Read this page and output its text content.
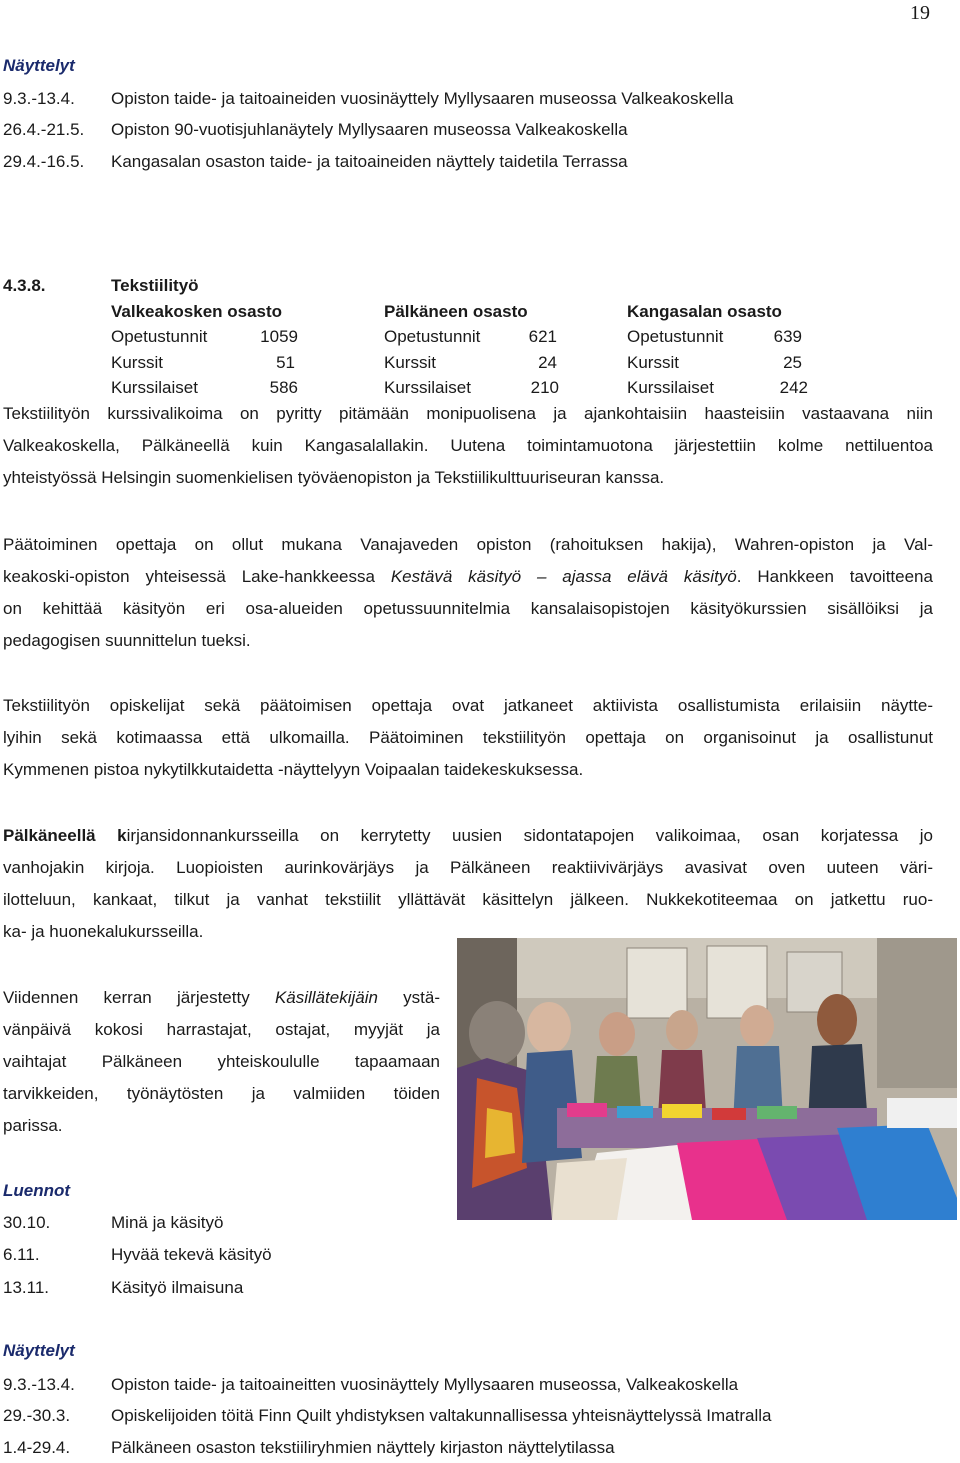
19
Näyttelyt
9.3.-13.4. Opiston taide- ja taitoaineiden vuosinäyttely Myllysaaren museossa Valkeakoskella
26.4.-21.5. Opiston 90-vuotisjuhlanäytely Myllysaaren museossa Valkeakoskella
29.4.-16.5. Kangasalan osaston taide- ja taitoaineiden näyttely taidetila Terrassa
4.3.8.	Tekstiilityö
Valkeakosken osasto	Pälkäneen osasto	Kangasalan osasto
Opetustunnit	1059	Opetustunnit	621	Opetustunnit	639
Kurssit	51	Kurssit	24	Kurssit	25
Kurssilaiset	586	Kurssilaiset	210	Kurssilaiset	242
Tekstiilityön kurssivalikoima on pyritty pitämään monipuolisena ja ajankohtaisiin haasteisiin vastaavana niin
Valkeakoskella, Pälkäneellä kuin Kangasalallakin. Uutena toimintamuotona järjestettiin kolme nettiluentoa
yhteistyössä Helsingin suomenkielisen työväenopiston ja Tekstiilikulttuuriseuran kanssa.
Päätoiminen opettaja on ollut mukana Vanajaveden opiston (rahoituksen hakija), Wahren-opiston ja Val-
keakoski-opiston yhteisessä Lake-hankkeessa Kestävä käsityö – ajassa elävä käsityö. Hankkeen tavoitteena
on kehittää käsityön eri osa-alueiden opetussuunnitelmia kansalaisopistojen käsityökurssien sisällöiksi ja
pedagogisen suunnittelun tueksi.
Tekstiilityön opiskelijat sekä päätoimisen opettaja ovat jatkaneet aktiivista osallistumista erilaisiin näytte-
lyihin sekä kotimaassa että ulkomailla. Päätoiminen tekstiilityön opettaja on organisoinut ja osallistunut
Kymmenen pistoa nykytilkkutaidetta -näyttelyyn Voipaalan taidekeskuksessa.
Pälkäneellä kirjansidonnankursseilla on kerrytetty uusien sidontatapojen valikoimaa, osan korjatessa jo
vanhojakin kirjoja. Luopioisten aurinkovärjäys ja Pälkäneen reaktiivivärjäys avasivat oven uuteen väri-
ilotteluun, kankaat, tilkut ja vanhat tekstiilit yllättävät käsittelyn jälkeen. Nukkekotiteemaa on jatkettu ruo-
ka- ja huonekalukursseilla.
Viidennen kerran järjestetty Käsillätekijäin ystä-
vänpäivä kokosi harrastajat, ostajat, myyjät ja
vaihtajat Pälkäneen yhteiskoululle tapaamaan
tarvikkeiden, työnäytösten ja valmiiden töiden
parissa.
Luennot
30.10.	Minä ja käsityö
6.11.	Hyvää tekevä käsityö
13.11.	Käsityö ilmaisuna
Näyttelyt
9.3.-13.4. Opiston taide- ja taitoaineitten vuosinäyttely Myllysaaren museossa, Valkeakoskella
29.-30.3. Opiskelijoiden töitä Finn Quilt yhdistyksen valtakunnallisessa yhteisnäyttelyssä Imatralla
1.4-29.4. Pälkäneen osaston tekstiiliryhmien näyttely kirjaston näyttelytilassa
